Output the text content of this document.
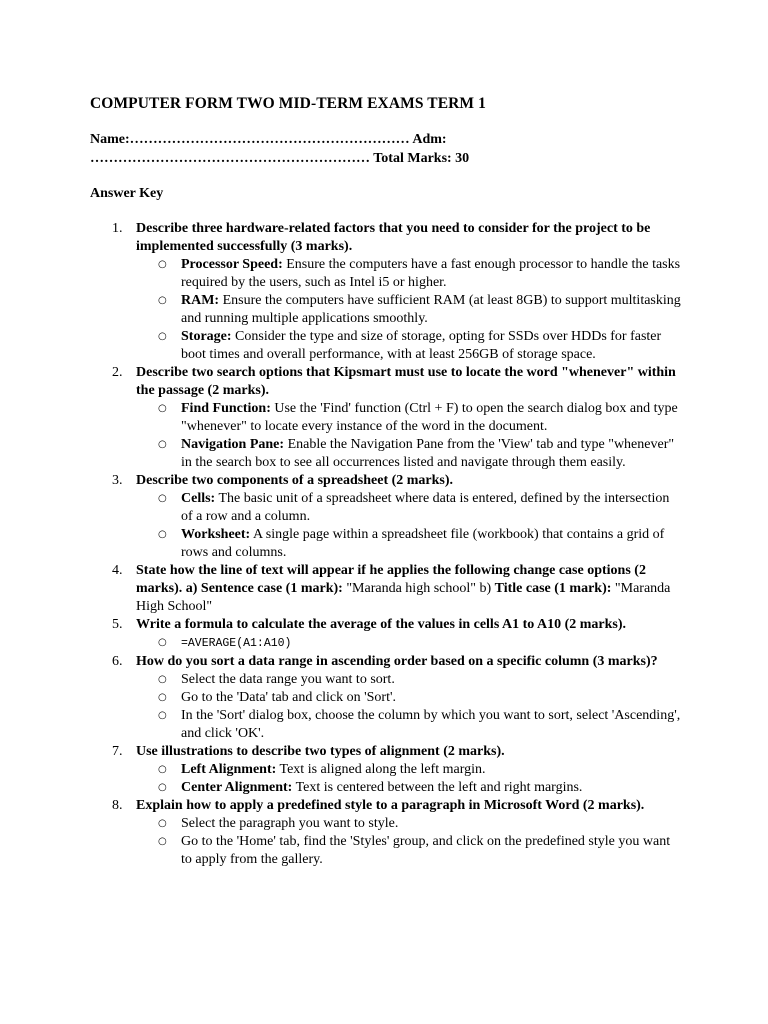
COMPUTER FORM TWO MID-TERM EXAMS TERM 1
Name:…………………………………………………… Adm:
…………………………………………………… Total Marks: 30
Answer Key
1. Describe three hardware-related factors that you need to consider for the project to be implemented successfully (3 marks).
○ Processor Speed: Ensure the computers have a fast enough processor to handle the tasks required by the users, such as Intel i5 or higher.
○ RAM: Ensure the computers have sufficient RAM (at least 8GB) to support multitasking and running multiple applications smoothly.
○ Storage: Consider the type and size of storage, opting for SSDs over HDDs for faster boot times and overall performance, with at least 256GB of storage space.
2. Describe two search options that Kipsmart must use to locate the word "whenever" within the passage (2 marks).
○ Find Function: Use the 'Find' function (Ctrl + F) to open the search dialog box and type "whenever" to locate every instance of the word in the document.
○ Navigation Pane: Enable the Navigation Pane from the 'View' tab and type "whenever" in the search box to see all occurrences listed and navigate through them easily.
3. Describe two components of a spreadsheet (2 marks).
○ Cells: The basic unit of a spreadsheet where data is entered, defined by the intersection of a row and a column.
○ Worksheet: A single page within a spreadsheet file (workbook) that contains a grid of rows and columns.
4. State how the line of text will appear if he applies the following change case options (2 marks). a) Sentence case (1 mark): "Maranda high school" b) Title case (1 mark): "Maranda High School"
5. Write a formula to calculate the average of the values in cells A1 to A10 (2 marks).
○ =AVERAGE(A1:A10)
6. How do you sort a data range in ascending order based on a specific column (3 marks)?
○ Select the data range you want to sort.
○ Go to the 'Data' tab and click on 'Sort'.
○ In the 'Sort' dialog box, choose the column by which you want to sort, select 'Ascending', and click 'OK'.
7. Use illustrations to describe two types of alignment (2 marks).
○ Left Alignment: Text is aligned along the left margin.
○ Center Alignment: Text is centered between the left and right margins.
8. Explain how to apply a predefined style to a paragraph in Microsoft Word (2 marks).
○ Select the paragraph you want to style.
○ Go to the 'Home' tab, find the 'Styles' group, and click on the predefined style you want to apply from the gallery.
